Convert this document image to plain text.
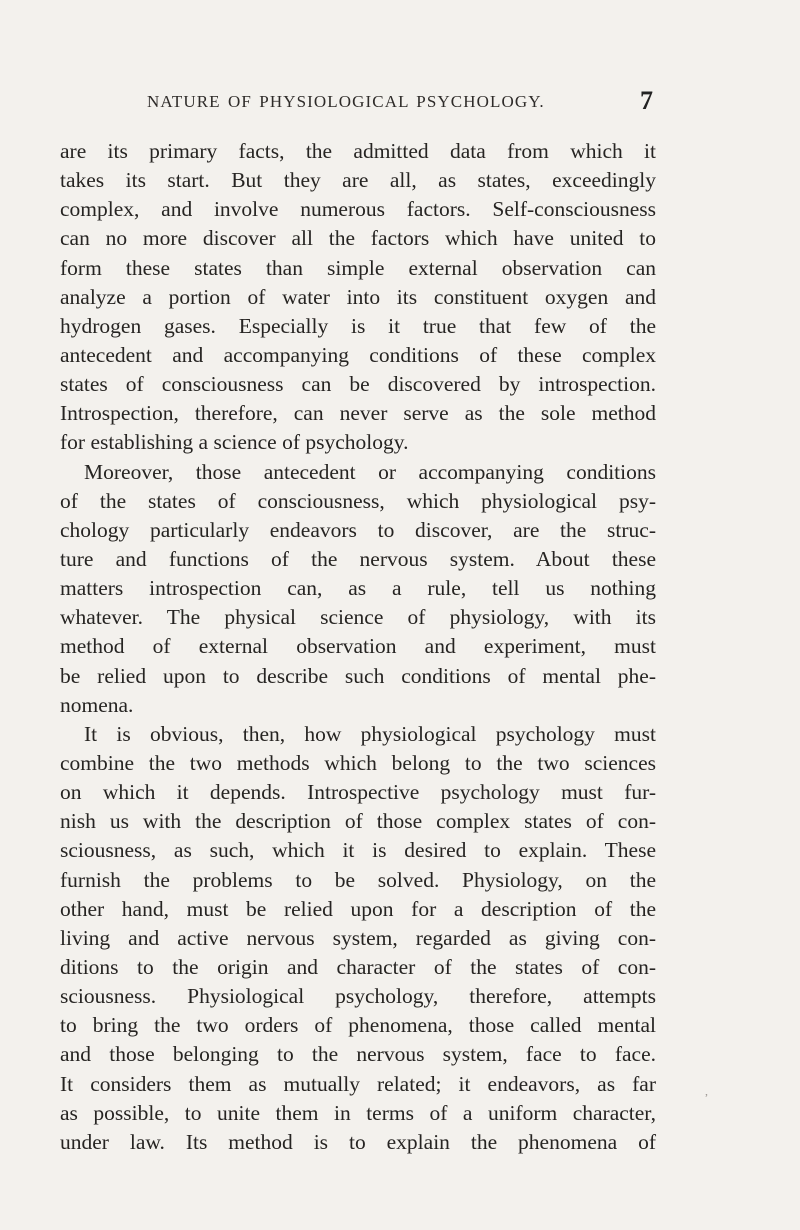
NATURE OF PHYSIOLOGICAL PSYCHOLOGY.	7
are its primary facts, the admitted data from which it
takes its start. But they are all, as states, exceedingly
complex, and involve numerous factors. Self-consciousness
can no more discover all the factors which have united to
form these states than simple external observation can
analyze a portion of water into its constituent oxygen and
hydrogen gases. Especially is it true that few of the
antecedent and accompanying conditions of these complex
states of consciousness can be discovered by introspection.
Introspection, therefore, can never serve as the sole method
for establishing a science of psychology.
Moreover, those antecedent or accompanying conditions
of the states of consciousness, which physiological psy-
chology particularly endeavors to discover, are the struc-
ture and functions of the nervous system. About these
matters introspection can, as a rule, tell us nothing
whatever. The physical science of physiology, with its
method of external observation and experiment, must
be relied upon to describe such conditions of mental phe-
nomena.
It is obvious, then, how physiological psychology must
combine the two methods which belong to the two sciences
on which it depends. Introspective psychology must fur-
nish us with the description of those complex states of con-
sciousness, as such, which it is desired to explain. These
furnish the problems to be solved. Physiology, on the
other hand, must be relied upon for a description of the
living and active nervous system, regarded as giving con-
ditions to the origin and character of the states of con-
sciousness. Physiological psychology, therefore, attempts
to bring the two orders of phenomena, those called mental
and those belonging to the nervous system, face to face.
It considers them as mutually related; it endeavors, as far
as possible, to unite them in terms of a uniform character,
under law. Its method is to explain the phenomena of
,
